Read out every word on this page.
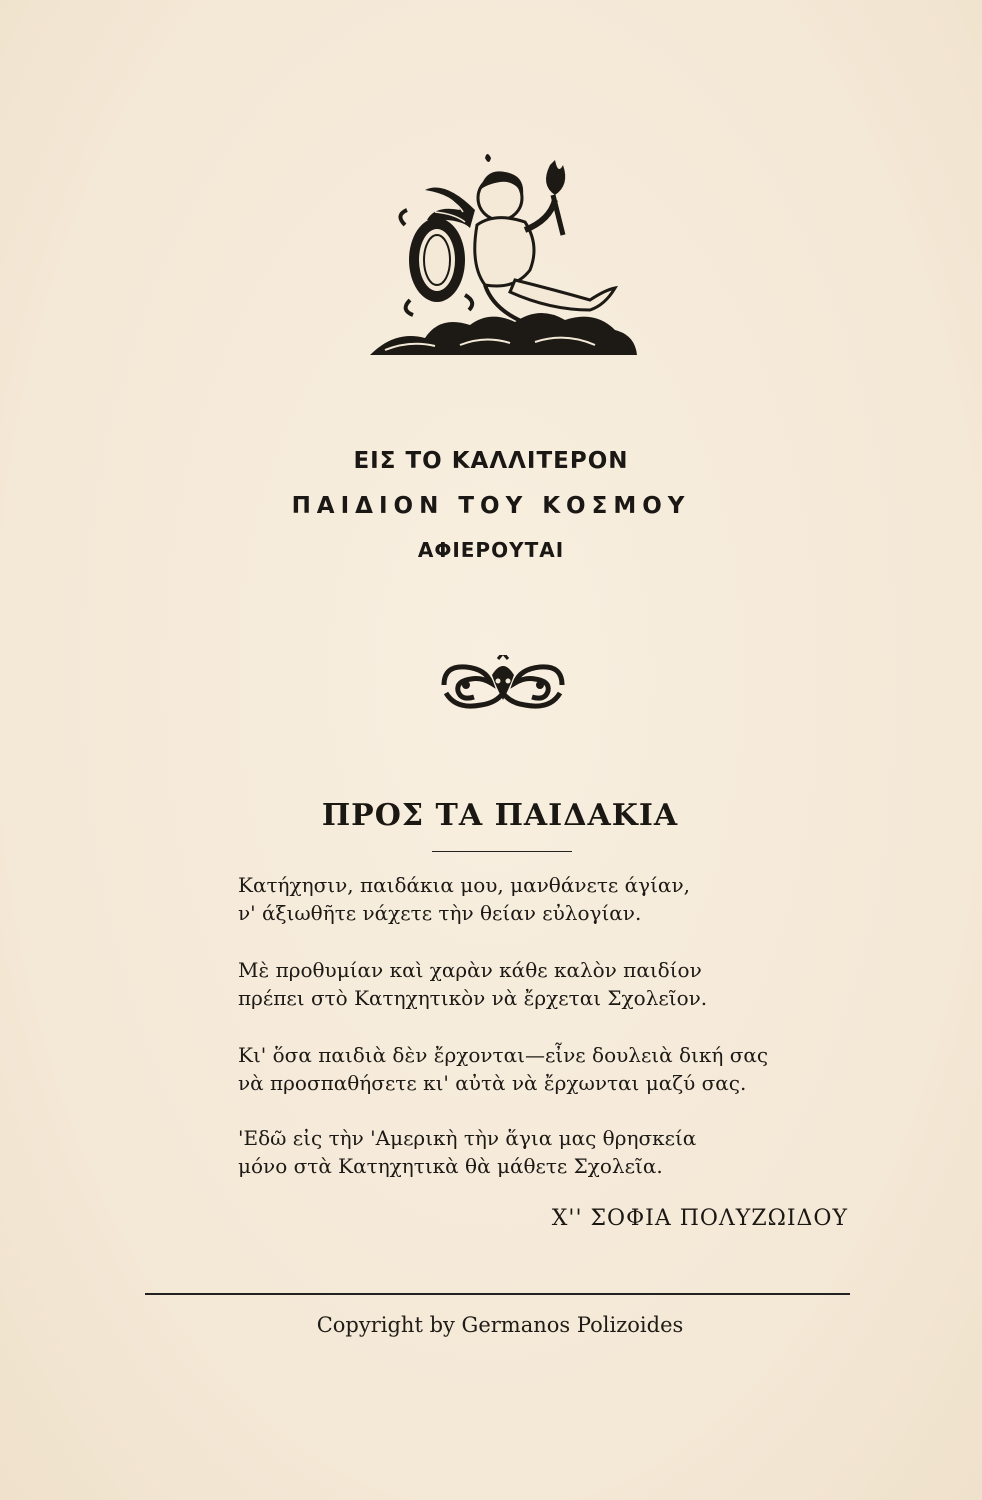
ΕΙΣ ΤΟ ΚΑΛΛΙΤΕΡΟΝ
ΠΑΙΔΙΟΝ ΤΟΥ ΚΟΣΜΟΥ
ΑΦΙΕΡΟΥΤΑΙ
ΠΡΟΣ ΤΑ ΠΑΙΔΑΚΙΑ
Κατήχησιν, παιδάκια μου, μανθάνετε άγίαν,
ν' άξιωθῆτε νάχετε τὴν θείαν εὐλογίαν.
Μὲ προθυμίαν καὶ χαρὰν κάθε καλὸν παιδίον
πρέπει στὸ Κατηχητικὸν νὰ ἔρχεται Σχολεῖον.
Κι' ὅσα παιδιὰ δὲν ἔρχονται—εἶνε δουλειὰ δική σας
νὰ προσπαθήσετε κι' αὐτὰ νὰ ἔρχωνται μαζύ σας.
'Εδῶ εἰς τὴν 'Αμερικὴ τὴν ἅγια μας θρησκεία
μόνο στὰ Κατηχητικὰ θὰ μάθετε Σχολεῖα.
Χ'' ΣΟΦΙΑ ΠΟΛΥΖΩΙΔΟΥ
Copyright by Germanos Polizoides
